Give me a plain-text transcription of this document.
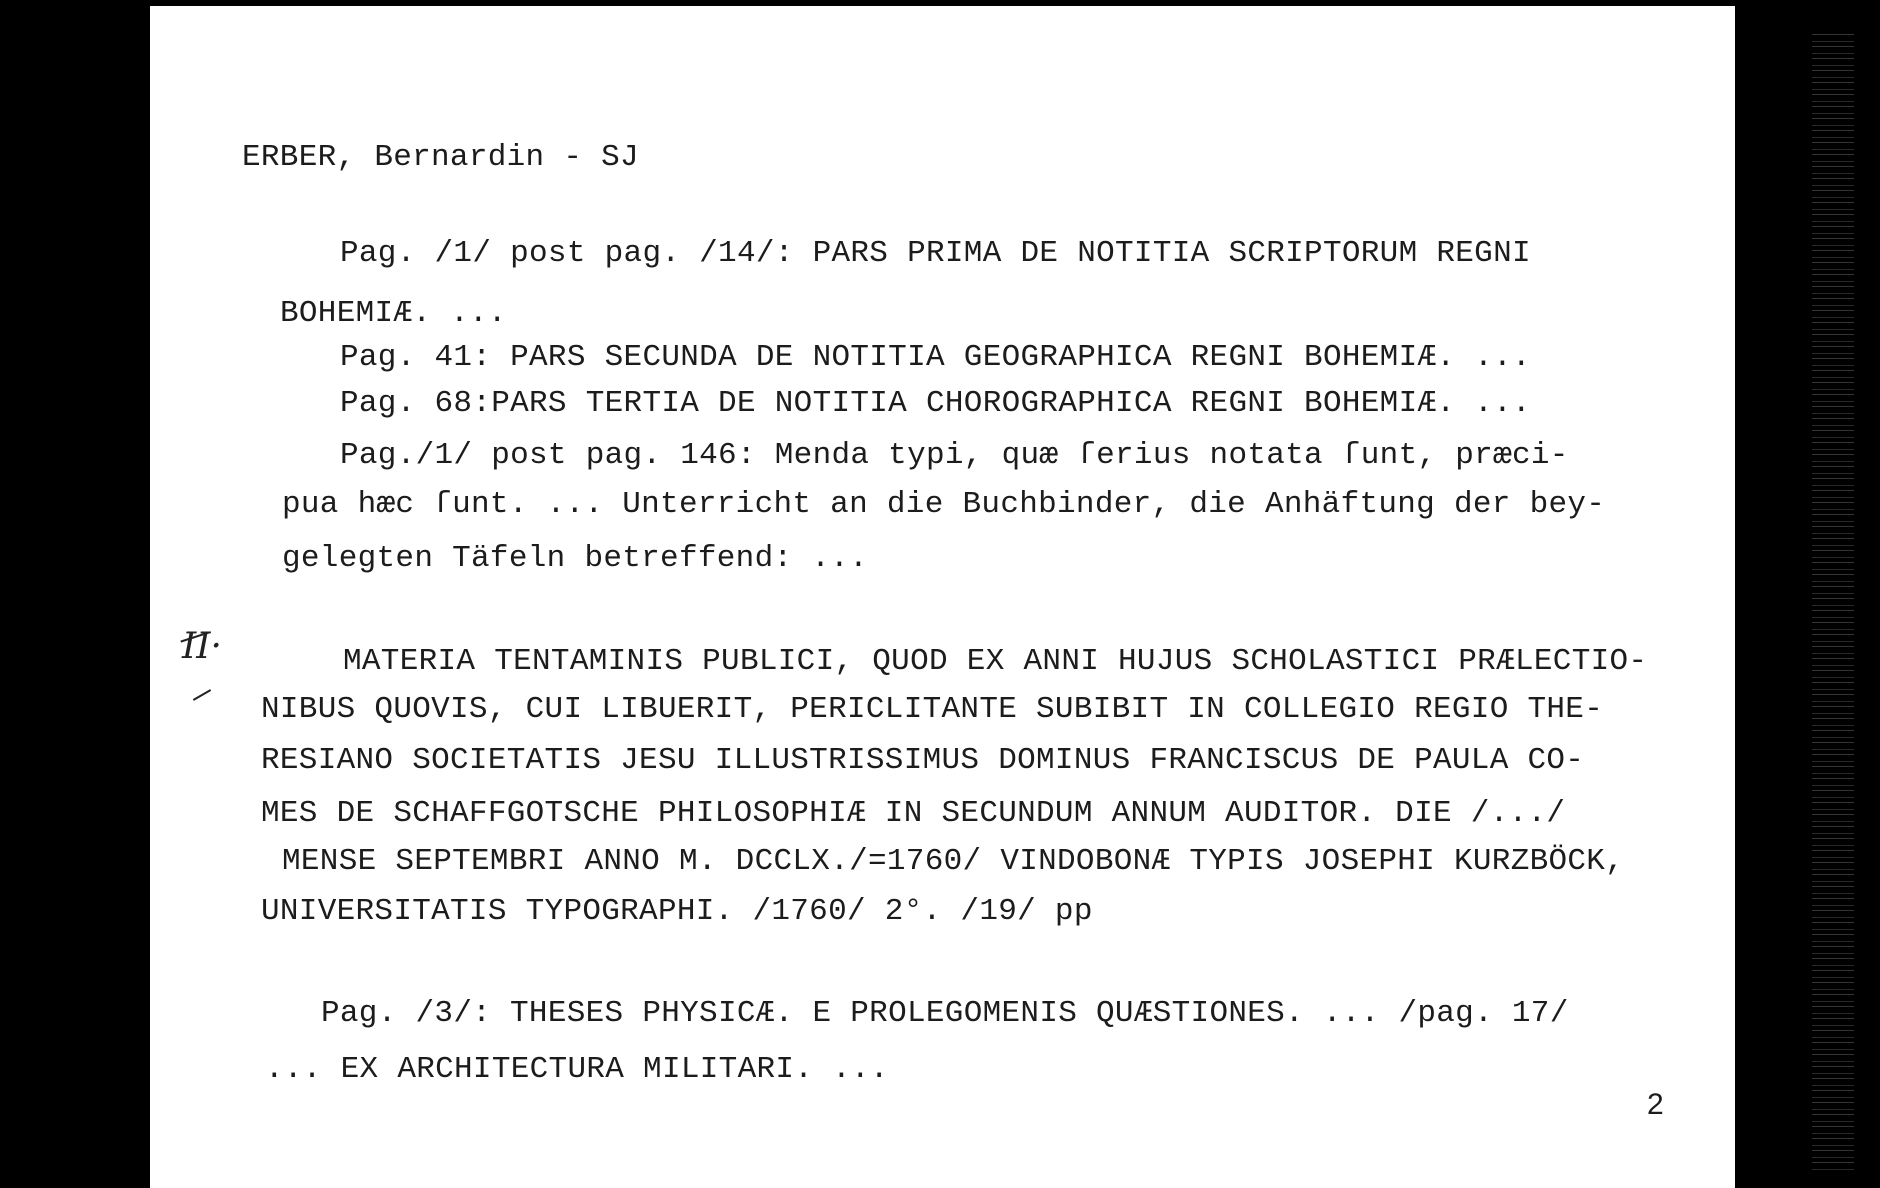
ERBER, Bernardin - SJ
Pag. /1/ post pag. /14/: PARS PRIMA DE NOTITIA SCRIPTORUM REGNI
BOHEMIÆ. ...
Pag. 41: PARS SECUNDA DE NOTITIA GEOGRAPHICA REGNI BOHEMIÆ. ...
Pag. 68:PARS TERTIA DE NOTITIA CHOROGRAPHICA REGNI BOHEMIÆ. ...
Pag./1/ post pag. 146: Menda typi, quæ ſerius notata ſunt, præci-
pua hæc ſunt. ... Unterricht an die Buchbinder, die Anhäftung der bey-
gelegten Täfeln betreffend: ...
II·	MATERIA TENTAMINIS PUBLICI, QUOD EX ANNI HUJUS SCHOLASTICI PRÆLECTIO-
NIBUS QUOVIS, CUI LIBUERIT, PERICLITANTE SUBIBIT IN COLLEGIO REGIO THE-
RESIANO SOCIETATIS JESU ILLUSTRISSIMUS DOMINUS FRANCISCUS DE PAULA CO-
MES DE SCHAFFGOTSCHE PHILOSOPHIÆ IN SECUNDUM ANNUM AUDITOR. DIE /.../
MENSE SEPTEMBRI ANNO M. DCCLX./=1760/ VINDOBONÆ TYPIS JOSEPHI KURZBÖCK,
UNIVERSITATIS TYPOGRAPHI. /1760/ 2°. /19/ pp
Pag. /3/: THESES PHYSICÆ. E PROLEGOMENIS QUÆSTIONES. ... /pag. 17/
... EX ARCHITECTURA MILITARI. ...
2
